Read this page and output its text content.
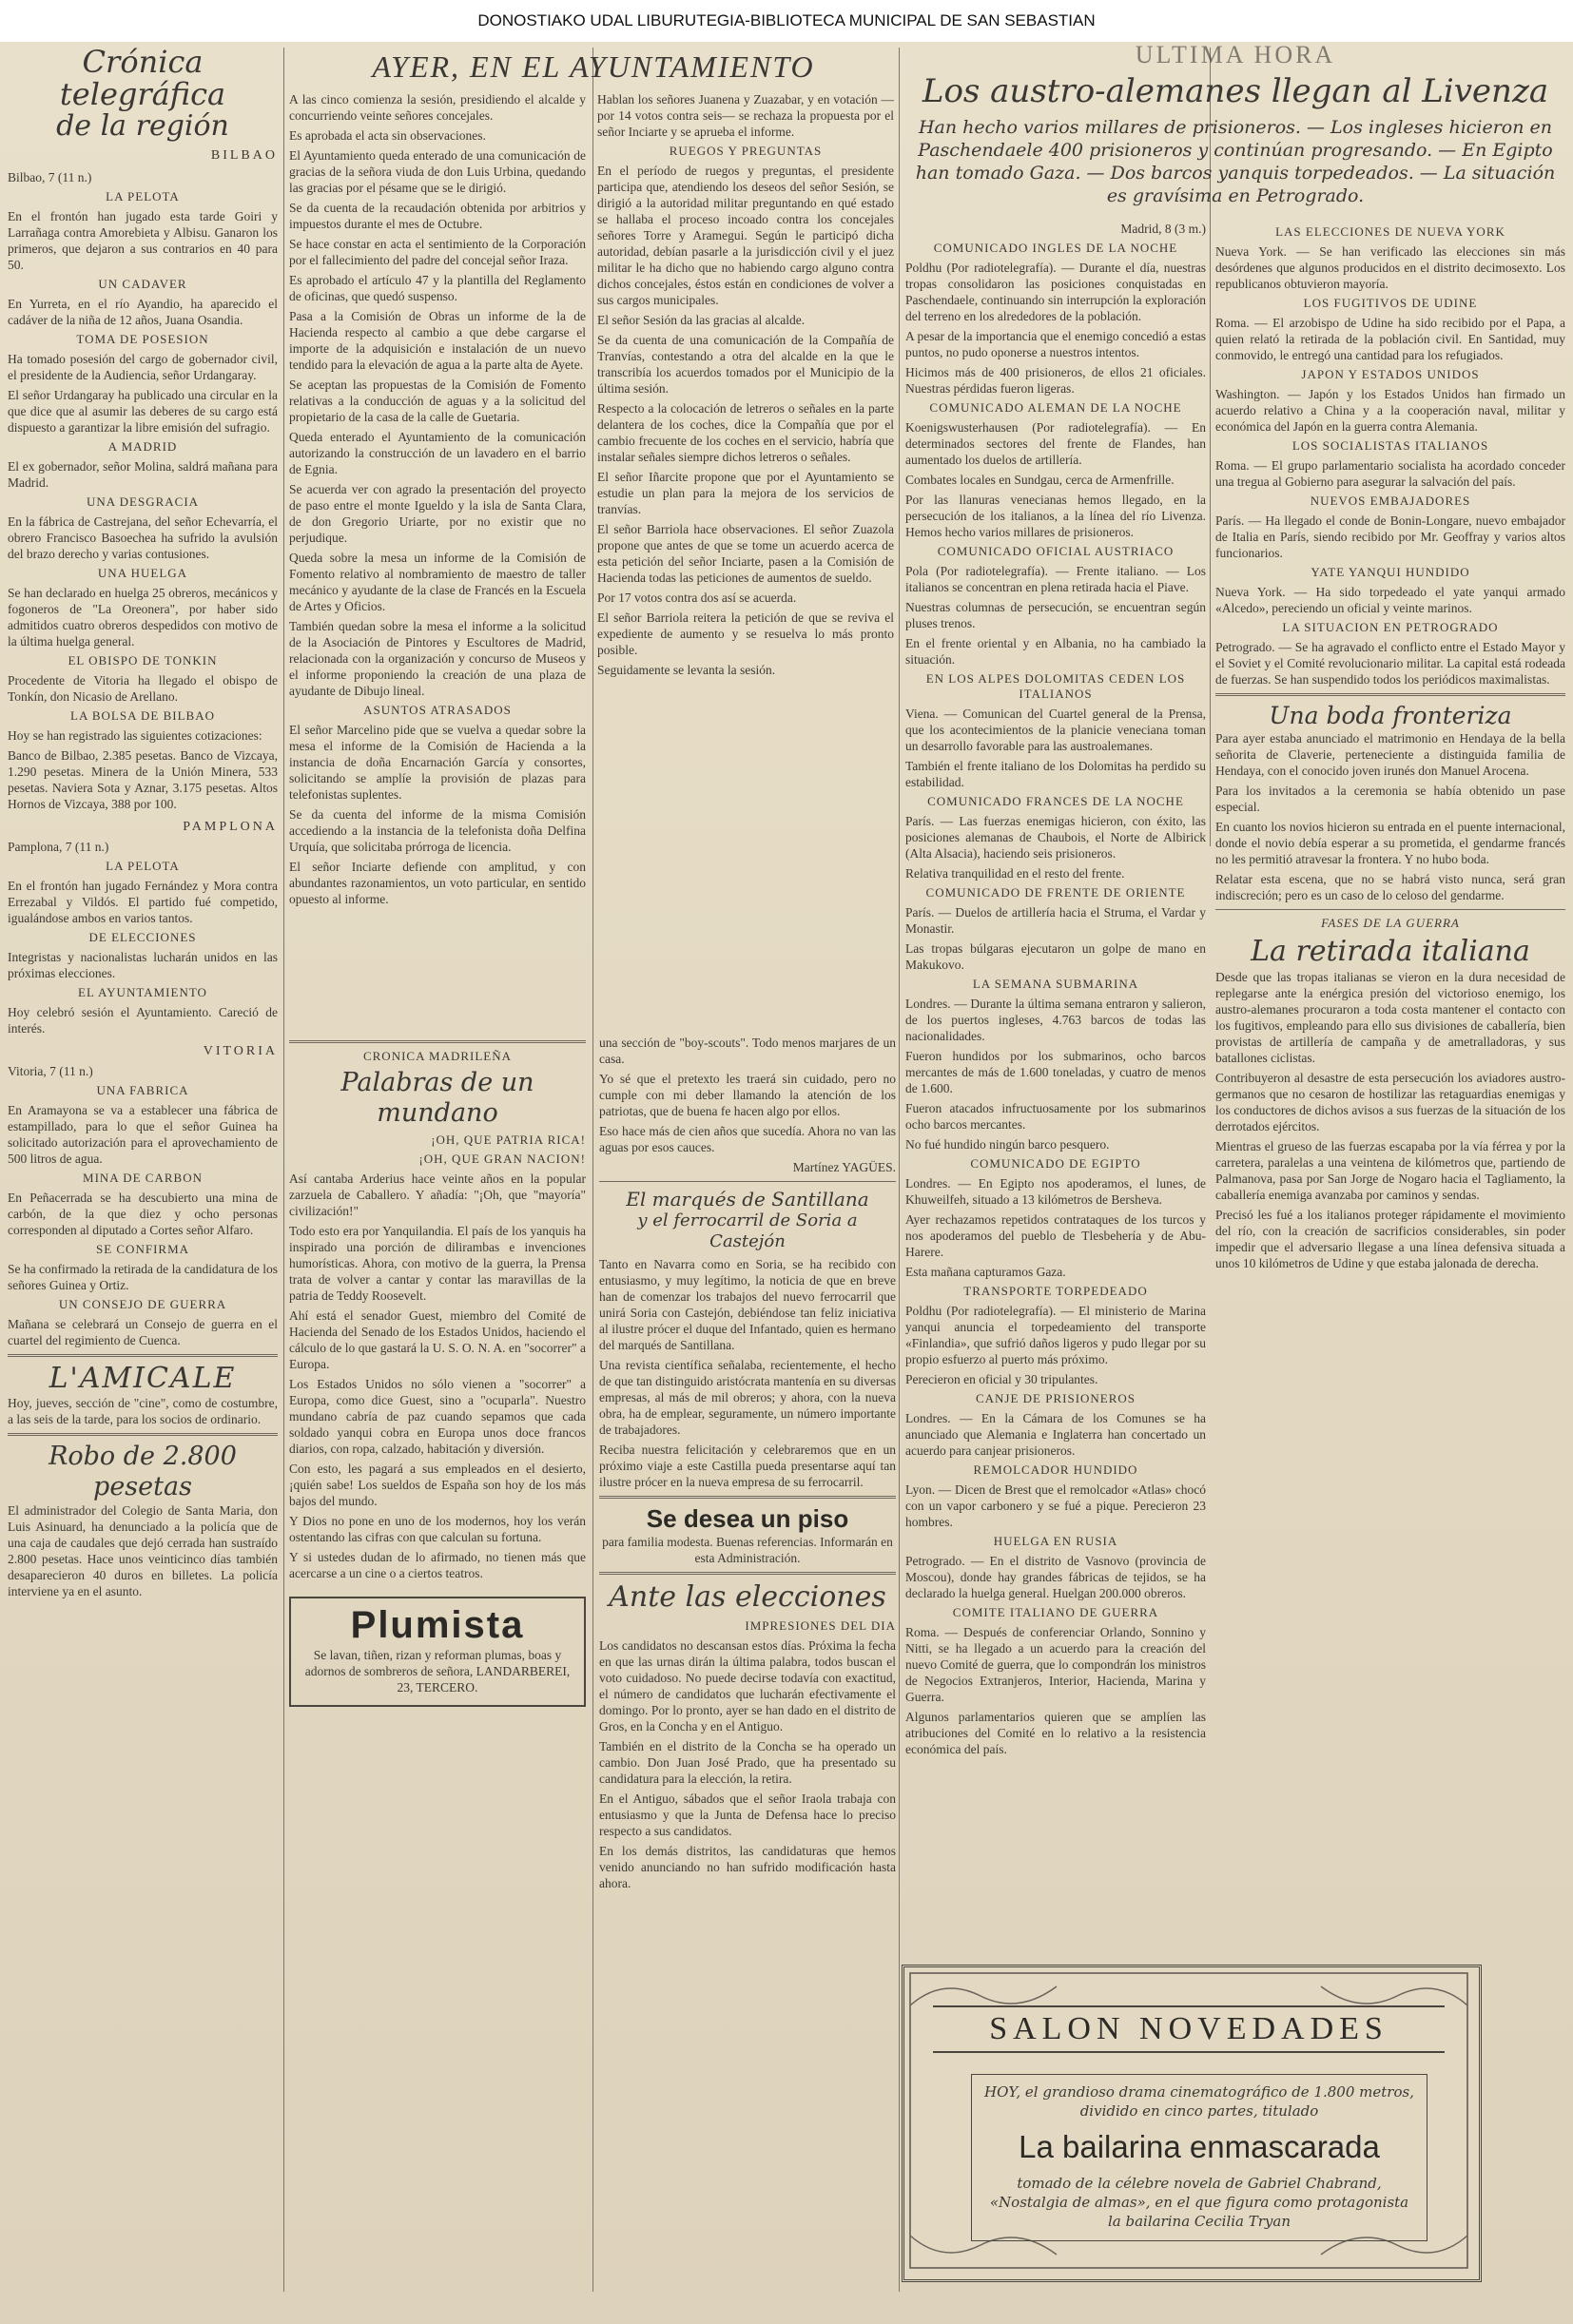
DONOSTIAKO UDAL LIBURUTEGIA-BIBLIOTECA MUNICIPAL DE SAN SEBASTIAN
Crónica telegráfica
de la región
BILBAO

Bilbao, 7 (11 n.)

LA PELOTA

En el frontón han jugado esta tarde Goiri y Larrañaga contra Amorebieta y Albisu. Ganaron los primeros, que dejaron a sus contrarios en 40 para 50.

UN CADAVER

En Yurreta, en el río Ayandio, ha aparecido el cadáver de la niña de 12 años, Juana Osandia.

TOMA DE POSESION

Ha tomado posesión del cargo de gobernador civil, el presidente de la Audiencia, señor Urdangaray.

El señor Urdangaray ha publicado una circular en la que dice que al asumir las deberes de su cargo está dispuesto a garantizar la libre emisión del sufragio.

A MADRID

El ex gobernador, señor Molina, saldrá mañana para Madrid.

UNA DESGRACIA

En la fábrica de Castrejana, del señor Echevarría, el obrero Francisco Basoechea ha sufrido la avulsión del brazo derecho y varias contusiones.

UNA HUELGA

Se han declarado en huelga 25 obreros, mecánicos y fogoneros de "La Oreonera", por haber sido admitidos cuatro obreros despedidos con motivo de la última huelga general.

EL OBISPO DE TONKIN

Procedente de Vitoria ha llegado el obispo de Tonkín, don Nicasio de Arellano.

LA BOLSA DE BILBAO

Hoy se han registrado las siguientes cotizaciones:

Banco de Bilbao, 2.385 pesetas. Banco de Vizcaya, 1.290 pesetas. Minera de la Unión Minera, 533 pesetas. Naviera Sota y Aznar, 3.175 pesetas. Altos Hornos de Vizcaya, 388 por 100.

PAMPLONA

Pamplona, 7 (11 n.)

LA PELOTA

En el frontón han jugado Fernández y Mora contra Errezabal y Vildós. El partido fué competido, igualándose ambos en varios tantos.

DE ELECCIONES

Integristas y nacionalistas lucharán unidos en las próximas elecciones.

EL AYUNTAMIENTO

Hoy celebró sesión el Ayuntamiento. Careció de interés.

VITORIA

Vitoria, 7 (11 n.)

UNA FABRICA

En Aramayona se va a establecer una fábrica de estampillado, para lo que el señor Guinea ha solicitado autorización para el aprovechamiento de 500 litros de agua.

MINA DE CARBON

En Peñacerrada se ha descubierto una mina de carbón, de la que diez y ocho personas corresponden al diputado a Cortes señor Alfaro.

SE CONFIRMA

Se ha confirmado la retirada de la candidatura de los señores Guinea y Ortiz.

UN CONSEJO DE GUERRA

Mañana se celebrará un Consejo de guerra en el cuartel del regimiento de Cuenca.

L'AMICALE

Hoy, jueves, sección de "cine", como de costumbre, a las seis de la tarde, para los socios de ordinario.

Robo de 2.800 pesetas

El administrador del Colegio de Santa Maria, don Luis Asinuard, ha denunciado a la policía que de una caja de caudales que dejó cerrada han sustraído 2.800 pesetas. Hace unos veinticinco días también desaparecieron 40 duros en billetes. La policía interviene ya en el asunto.

AYER, EN EL AYUNTAMIENTO

A las cinco comienza la sesión, presidiendo el alcalde y concurriendo veinte señores concejales.

Es aprobada el acta sin observaciones.

El Ayuntamiento queda enterado de una comunicación de gracias de la señora viuda de don Luis Urbina, quedando las gracias por el pésame que se le dirigió.

Se da cuenta de la recaudación obtenida por arbitrios y impuestos durante el mes de Octubre.

Se hace constar en acta el sentimiento de la Corporación por el fallecimiento del padre del concejal señor Iraza.

Es aprobado el artículo 47 y la plantilla del Reglamento de oficinas, que quedó suspenso.

Pasa a la Comisión de Obras un informe de la de Hacienda respecto al cambio a que debe cargarse el importe de la adquisición e instalación de un nuevo tendido para la elevación de agua a la parte alta de Ayete.

Se aceptan las propuestas de la Comisión de Fomento relativas a la conducción de aguas y a la solicitud del propietario de la casa de la calle de Guetaria.

Queda enterado el Ayuntamiento de la comunicación autorizando la construcción de un lavadero en el barrio de Egnia.

Se acuerda ver con agrado la presentación del proyecto de paso entre el monte Igueldo y la isla de Santa Clara, de don Gregorio Uriarte, por no existir que no perjudique.

Queda sobre la mesa un informe de la Comisión de Fomento relativo al nombramiento de maestro de taller mecánico y ayudante de la clase de Francés en la Escuela de Artes y Oficios.

También quedan sobre la mesa el informe a la solicitud de la Asociación de Pintores y Escultores de Madrid, relacionada con la organización y concurso de Museos y el informe proponiendo la creación de una plaza de ayudante de Dibujo lineal.

ASUNTOS ATRASADOS

El señor Marcelino pide que se vuelva a quedar sobre la mesa el informe de la Comisión de Hacienda a la instancia de doña Encarnación García y consortes, solicitando se amplíe la provisión de plazas para telefonistas suplentes.

Se da cuenta del informe de la misma Comisión accediendo a la instancia de la telefonista doña Delfina Urquía, que solicitaba prórroga de licencia.

El señor Inciarte defiende con amplitud, y con abundantes razonamientos, un voto particular, en sentido opuesto al informe.

Hablan los señores Juanena y Zuazabar, y en votación —por 14 votos contra seis— se rechaza la propuesta por el señor Inciarte y se aprueba el informe.

RUEGOS Y PREGUNTAS

En el período de ruegos y preguntas, el presidente participa que, atendiendo los deseos del señor Sesión, se dirigió a la autoridad militar preguntando en qué estado se hallaba el proceso incoado contra los concejales señores Torre y Aramegui. Según le participó dicha autoridad, debían pasarle a la jurisdicción civil y el juez militar le ha dicho que no habiendo cargo alguno contra dichos concejales, éstos están en condiciones de volver a sus cargos municipales.

El señor Sesión da las gracias al alcalde.

Se da cuenta de una comunicación de la Compañía de Tranvías, contestando a otra del alcalde en la que le transcribía los acuerdos tomados por el Municipio de la última sesión.

Respecto a la colocación de letreros o señales en la parte delantera de los coches, dice la Compañía que por el cambio frecuente de los coches en el servicio, habría que instalar señales siempre dichos letreros o señales.

El señor Iñarcite propone que por el Ayuntamiento se estudie un plan para la mejora de los servicios de tranvías.

El señor Barriola hace observaciones. El señor Zuazola propone que antes de que se tome un acuerdo acerca de esta petición del señor Inciarte, pasen a la Comisión de Hacienda todas las peticiones de aumentos de sueldo.

Por 17 votos contra dos así se acuerda.

El señor Barriola reitera la petición de que se reviva el expediente de aumento y se resuelva lo más pronto posible.

Seguidamente se levanta la sesión.

CRONICA MADRILEÑA
Palabras de un mundano
¡OH, QUE PATRIA RICA!
¡OH, QUE GRAN NACION!

Así cantaba Arderius hace veinte años en la popular zarzuela de Caballero. Y añadía: "¡Oh, que "mayoría" civilización!"

Todo esto era por Yanquilandia. El país de los yanquis ha inspirado una porción de dilirambas e invenciones humorísticas. Ahora, con motivo de la guerra, la Prensa trata de volver a cantar y contar las maravillas de la patria de Teddy Roosevelt.

Ahí está el senador Guest, miembro del Comité de Hacienda del Senado de los Estados Unidos, haciendo el cálculo de lo que gastará la U. S. O. N. A. en "socorrer" a Europa.

Los Estados Unidos no sólo vienen a "socorrer" a Europa, como dice Guest, sino a "ocuparla". Nuestro mundano cabría de paz cuando sepamos que cada soldado yanqui cobra en Europa unos doce francos diarios, con ropa, calzado, habitación y diversión.

Con esto, les pagará a sus empleados en el desierto, ¡quién sabe! Los sueldos de España son hoy de los más bajos del mundo.

Y Dios no pone en uno de los modernos, hoy los verán ostentando las cifras con que calculan su fortuna.

Y si ustedes dudan de lo afirmado, no tienen más que acercarse a un cine o a ciertos teatros.

Plumista

Se lavan, tiñen, rizan y reforman plumas, boas y adornos de sombreros de señora, LANDARBEREI, 23, TERCERO.

una sección de "boy-scouts". Todo menos marjares de un casa.

Yo sé que el pretexto les traerá sin cuidado, pero no cumple con mi deber llamando la atención de los patriotas, que de buena fe hacen algo por ellos.

Eso hace más de cien años que sucedía. Ahora no van las aguas por esos cauces.

Martínez YAGÜES.

El marqués de Santillana
y el ferrocarril de Soria a Castejón

Tanto en Navarra como en Soria, se ha recibido con entusiasmo, y muy legítimo, la noticia de que en breve han de comenzar los trabajos del nuevo ferrocarril que unirá Soria con Castejón, debiéndose tan feliz iniciativa al ilustre prócer el duque del Infantado, quien es hermano del marqués de Santillana.

Una revista científica señalaba, recientemente, el hecho de que tan distinguido aristócrata mantenía en su diversas empresas, al más de mil obreros; y ahora, con la nueva obra, ha de emplear, seguramente, un número importante de trabajadores.

Reciba nuestra felicitación y celebraremos que en un próximo viaje a este Castilla pueda presentarse aquí tan ilustre prócer en la nueva empresa de su ferrocarril.

Se desea un piso

para familia modesta. Buenas referencias. Informarán en esta Administración.

Ante las elecciones
IMPRESIONES DEL DIA

Los candidatos no descansan estos días. Próxima la fecha en que las urnas dirán la última palabra, todos buscan el voto cuidadoso. No puede decirse todavía con exactitud, el número de candidatos que lucharán efectivamente el domingo. Por lo pronto, ayer se han dado en el distrito de Gros, en la Concha y en el Antiguo.

También en el distrito de la Concha se ha operado un cambio. Don Juan José Prado, que ha presentado su candidatura para la elección, la retira.

En el Antiguo, sábados que el señor Iraola trabaja con entusiasmo y que la Junta de Defensa hace lo preciso respecto a sus candidatos.

En los demás distritos, las candidaturas que hemos venido anunciando no han sufrido modificación hasta ahora.

ULTIMA HORA
Los austro-alemanes llegan al Livenza
Han hecho varios millares de prisioneros. — Los ingleses hicieron en Paschendaele 400 prisioneros y continúan progresando. — En Egipto han tomado Gaza. — Dos barcos yanquis torpedeados. — La situación es gravísima en Petrogrado.

Madrid, 8 (3 m.)

COMUNICADO INGLES DE LA NOCHE

Poldhu (Por radiotelegrafía). — Durante el día, nuestras tropas consolidaron las posiciones conquistadas en Paschendaele, continuando sin interrupción la exploración del terreno en los alrededores de la población.

A pesar de la importancia que el enemigo concedió a estas puntos, no pudo oponerse a nuestros intentos.

Hicimos más de 400 prisioneros, de ellos 21 oficiales. Nuestras pérdidas fueron ligeras.

COMUNICADO ALEMAN DE LA NOCHE

Koenigswusterhausen (Por radiotelegrafía). — En determinados sectores del frente de Flandes, han aumentado los duelos de artillería.

Combates locales en Sundgau, cerca de Armenfrille.

Por las llanuras venecianas hemos llegado, en la persecución de los italianos, a la línea del río Livenza. Hemos hecho varios millares de prisioneros.

COMUNICADO OFICIAL AUSTRIACO

Pola (Por radiotelegrafía). — Frente italiano. — Los italianos se concentran en plena retirada hacia el Piave.

Nuestras columnas de persecución, se encuentran según pluses trenos.

En el frente oriental y en Albania, no ha cambiado la situación.

EN LOS ALPES DOLOMITAS CEDEN LOS ITALIANOS

Viena. — Comunican del Cuartel general de la Prensa, que los acontecimientos de la planicie veneciana toman un desarrollo favorable para las austroalemanes.

También el frente italiano de los Dolomitas ha perdido su estabilidad.

COMUNICADO FRANCES DE LA NOCHE

París. — Las fuerzas enemigas hicieron, con éxito, las posiciones alemanas de Chaubois, el Norte de Albirick (Alta Alsacia), haciendo seis prisioneros.

Relativa tranquilidad en el resto del frente.

COMUNICADO DE FRENTE DE ORIENTE

París. — Duelos de artillería hacia el Struma, el Vardar y Monastir.

Las tropas búlgaras ejecutaron un golpe de mano en Makukovo.

LA SEMANA SUBMARINA

Londres. — Durante la última semana entraron y salieron, de los puertos ingleses, 4.763 barcos de todas las nacionalidades.

Fueron hundidos por los submarinos, ocho barcos mercantes de más de 1.600 toneladas, y cuatro de menos de 1.600.

Fueron atacados infructuosamente por los submarinos ocho barcos mercantes.

No fué hundido ningún barco pesquero.

COMUNICADO DE EGIPTO

Londres. — En Egipto nos apoderamos, el lunes, de Khuweilfeh, situado a 13 kilómetros de Bersheva.

Ayer rechazamos repetidos contrataques de los turcos y nos apoderamos del pueblo de Tlesbehería y de Abu-Harere.

Esta mañana capturamos Gaza.

TRANSPORTE TORPEDEADO

Poldhu (Por radiotelegrafía). — El ministerio de Marina yanqui anuncia el torpedeamiento del transporte «Finlandia», que sufrió daños ligeros y pudo llegar por su propio esfuerzo al puerto más próximo.

Perecieron en oficial y 30 tripulantes.

CANJE DE PRISIONEROS

Londres. — En la Cámara de los Comunes se ha anunciado que Alemania e Inglaterra han concertado un acuerdo para canjear prisioneros.

REMOLCADOR HUNDIDO

Lyon. — Dicen de Brest que el remolcador «Atlas» chocó con un vapor carbonero y se fué a pique. Perecieron 23 hombres.

HUELGA EN RUSIA

Petrogrado. — En el distrito de Vasnovo (provincia de Moscou), donde hay grandes fábricas de tejidos, se ha declarado la huelga general. Huelgan 200.000 obreros.

COMITE ITALIANO DE GUERRA

Roma. — Después de conferenciar Orlando, Sonnino y Nitti, se ha llegado a un acuerdo para la creación del nuevo Comité de guerra, que lo compondrán los ministros de Negocios Extranjeros, Interior, Hacienda, Marina y Guerra.

Algunos parlamentarios quieren que se amplíen las atribuciones del Comité en lo relativo a la resistencia económica del país.

LAS ELECCIONES DE NUEVA YORK

Nueva York. — Se han verificado las elecciones sin más desórdenes que algunos producidos en el distrito decimosexto. Los republicanos obtuvieron mayoría.

LOS FUGITIVOS DE UDINE

Roma. — El arzobispo de Udine ha sido recibido por el Papa, a quien relató la retirada de la población civil. En Santidad, muy conmovido, le entregó una cantidad para los refugiados.

JAPON Y ESTADOS UNIDOS

Washington. — Japón y los Estados Unidos han firmado un acuerdo relativo a China y a la cooperación naval, militar y económica del Japón en la guerra contra Alemania.

LOS SOCIALISTAS ITALIANOS

Roma. — El grupo parlamentario socialista ha acordado conceder una tregua al Gobierno para asegurar la salvación del país.

NUEVOS EMBAJADORES

París. — Ha llegado el conde de Bonin-Longare, nuevo embajador de Italia en París, siendo recibido por Mr. Geoffray y varios altos funcionarios.

YATE YANQUI HUNDIDO

Nueva York. — Ha sido torpedeado el yate yanqui armado «Alcedo», pereciendo un oficial y veinte marinos.

LA SITUACION EN PETROGRADO

Petrogrado. — Se ha agravado el conflicto entre el Estado Mayor y el Soviet y el Comité revolucionario militar. La capital está rodeada de fuerzas. Se han suspendido todos los periódicos maximalistas.

Una boda fronteriza

Para ayer estaba anunciado el matrimonio en Hendaya de la bella señorita de Claverie, perteneciente a distinguida familia de Hendaya, con el conocido joven irunés don Manuel Arocena.

Para los invitados a la ceremonia se había obtenido un pase especial.

En cuanto los novios hicieron su entrada en el puente internacional, donde el novio debía esperar a su prometida, el gendarme francés no les permitió atravesar la frontera. Y no hubo boda.

Relatar esta escena, que no se habrá visto nunca, será gran indiscreción; pero es un caso de lo celoso del gendarme.

FASES DE LA GUERRA
La retirada italiana

Desde que las tropas italianas se vieron en la dura necesidad de replegarse ante la enérgica presión del victorioso enemigo, los austro-alemanes procuraron a toda costa mantener el contacto con los fugitivos, empleando para ello sus divisiones de caballería, bien provistas de artillería de campaña y de ametralladoras, y sus batallones ciclistas.

Contribuyeron al desastre de esta persecución los aviadores austro-germanos que no cesaron de hostilizar las retaguardias enemigas y los conductores de dichos avisos a sus fuerzas de la situación de los derrotados ejércitos.

Mientras el grueso de las fuerzas escapaba por la vía férrea y por la carretera, paralelas a una veintena de kilómetros que, partiendo de Palmanova, pasa por San Jorge de Nogaro hacia el Tagliamento, la caballería enemiga avanzaba por caminos y sendas.

Precisó les fué a los italianos proteger rápidamente el movimiento del río, con la creación de sacrificios considerables, sin poder impedir que el adversario llegase a una línea defensiva situada a unos 10 kilómetros de Udine y que estaba jalonada de derecha.

SALON NOVEDADES
HOY, el grandioso drama cinematográfico de 1.800 metros, dividido en cinco partes, titulado
La bailarina enmascarada
tomado de la célebre novela de Gabriel Chabrand, «Nostalgia de almas», en el que figura como protagonista la bailarina Cecilia Tryan
